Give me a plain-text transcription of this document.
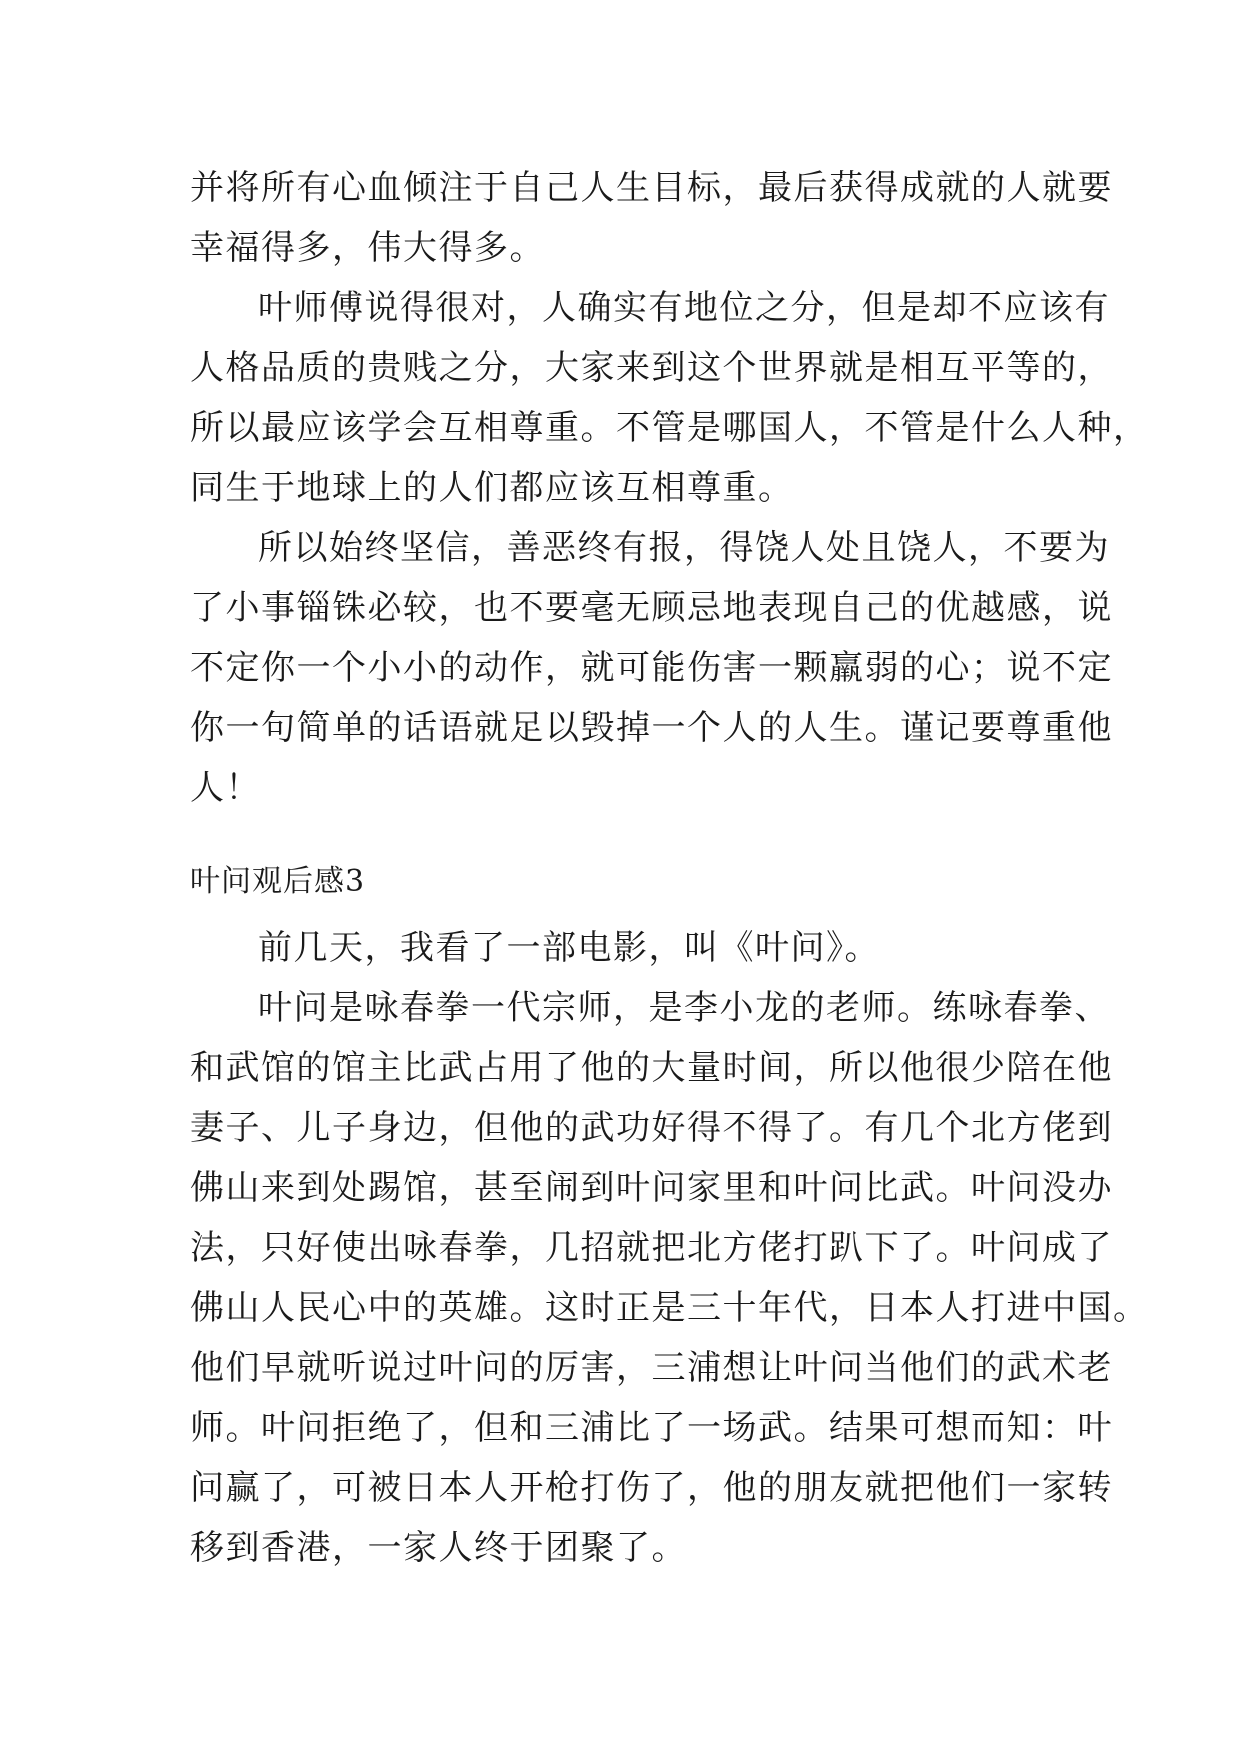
并将所有心血倾注于自己人生目标，最后获得成就的人就要
幸福得多，伟大得多。
叶师傅说得很对，人确实有地位之分，但是却不应该有
人格品质的贵贱之分，大家来到这个世界就是相互平等的，
所以最应该学会互相尊重。不管是哪国人，不管是什么人种，
同生于地球上的人们都应该互相尊重。
所以始终坚信，善恶终有报，得饶人处且饶人，不要为
了小事锱铢必较，也不要毫无顾忌地表现自己的优越感，说
不定你一个小小的动作，就可能伤害一颗羸弱的心；说不定
你一句简单的话语就足以毁掉一个人的人生。谨记要尊重他
人！
叶问观后感3
前几天，我看了一部电影，叫《叶问》。
叶问是咏春拳一代宗师，是李小龙的老师。练咏春拳、
和武馆的馆主比武占用了他的大量时间，所以他很少陪在他
妻子、儿子身边，但他的武功好得不得了。有几个北方佬到
佛山来到处踢馆，甚至闹到叶问家里和叶问比武。叶问没办
法，只好使出咏春拳，几招就把北方佬打趴下了。叶问成了
佛山人民心中的英雄。这时正是三十年代，日本人打进中国。
他们早就听说过叶问的厉害，三浦想让叶问当他们的武术老
师。叶问拒绝了，但和三浦比了一场武。结果可想而知：叶
问赢了，可被日本人开枪打伤了，他的朋友就把他们一家转
移到香港，一家人终于团聚了。
